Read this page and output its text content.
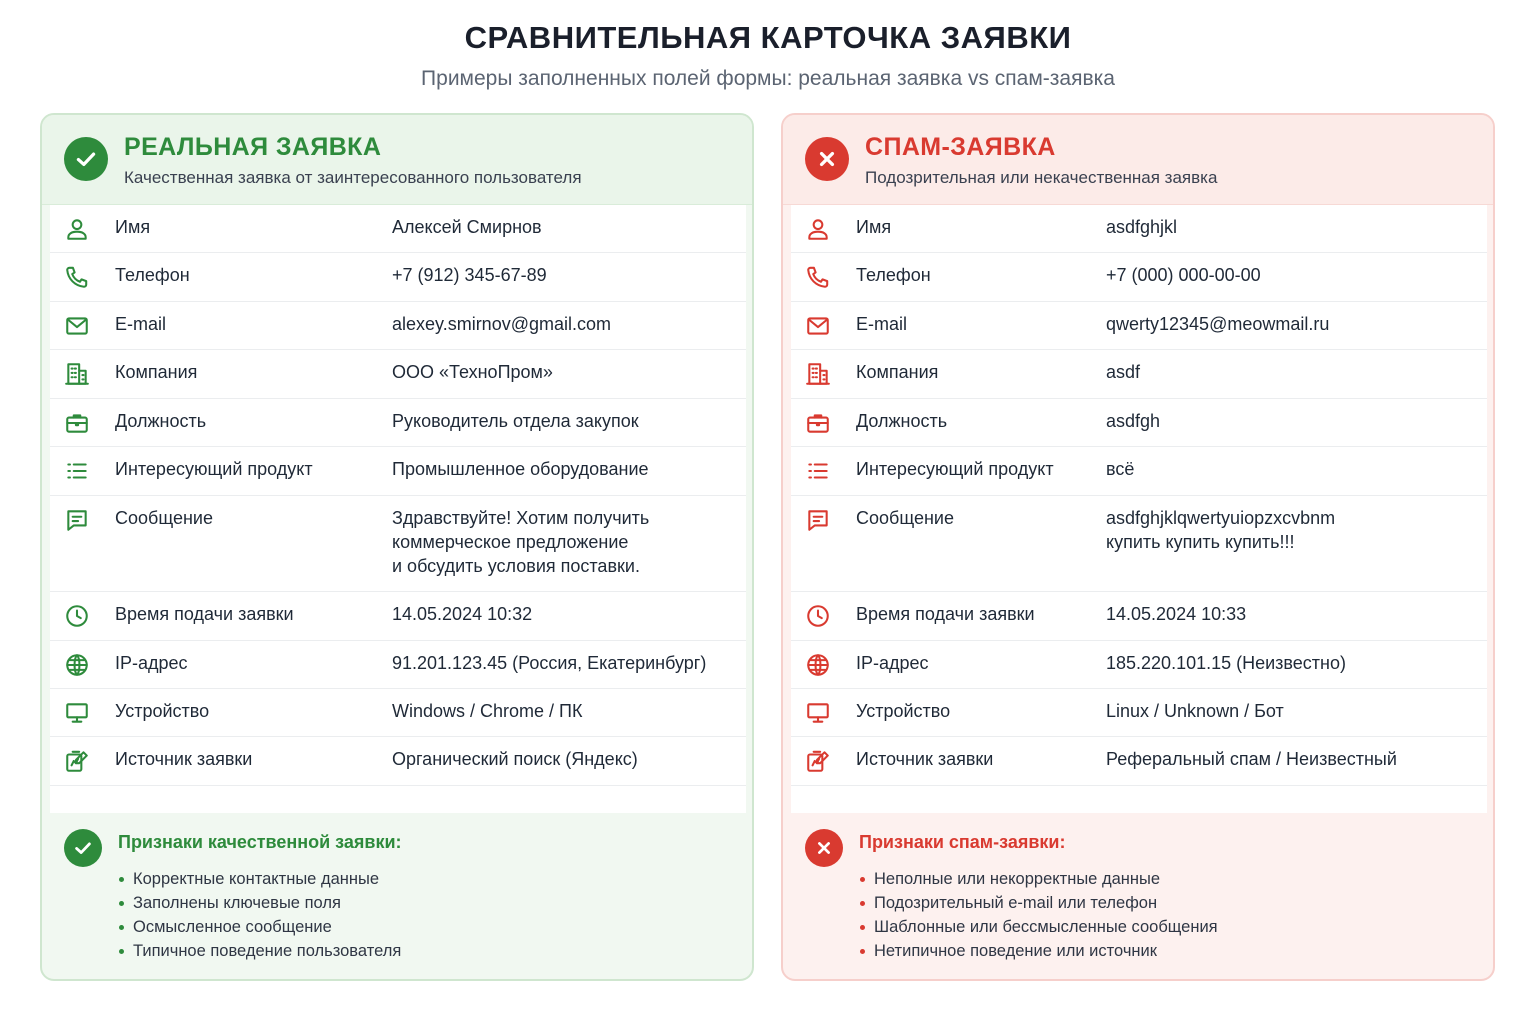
СРАВНИТЕЛЬНАЯ КАРТОЧКА ЗАЯВКИ
Примеры заполненных полей формы: реальная заявка vs спам-заявка
РЕАЛЬНАЯ ЗАЯВКА
Качественная заявка от заинтересованного пользователя
Имя	Алексей Смирнов
Телефон	+7 (912) 345-67-89
E-mail	alexey.smirnov@gmail.com
Компания	ООО «ТехноПром»
Должность	Руководитель отдела закупок
Интересующий продукт	Промышленное оборудование
Сообщение	Здравствуйте! Хотим получить
коммерческое предложение
и обсудить условия поставки.
Время подачи заявки	14.05.2024 10:32
IP-адрес	91.201.123.45 (Россия, Екатеринбург)
Устройство	Windows / Chrome / ПК
Источник заявки	Органический поиск (Яндекс)
Признаки качественной заявки:
Корректные контактные данные
Заполнены ключевые поля
Осмысленное сообщение
Типичное поведение пользователя
СПАМ-ЗАЯВКА
Подозрительная или некачественная заявка
Имя	asdfghjkl
Телефон	+7 (000) 000-00-00
E-mail	qwerty12345@meowmail.ru
Компания	asdf
Должность	asdfgh
Интересующий продукт	всё
Сообщение	asdfghjklqwertyuiopzxcvbnm
купить купить купить!!!
Время подачи заявки	14.05.2024 10:33
IP-адрес	185.220.101.15 (Неизвестно)
Устройство	Linux / Unknown / Бот
Источник заявки	Реферальный спам / Неизвестный
Признаки спам-заявки:
Неполные или некорректные данные
Подозрительный e-mail или телефон
Шаблонные или бессмысленные сообщения
Нетипичное поведение или источник
